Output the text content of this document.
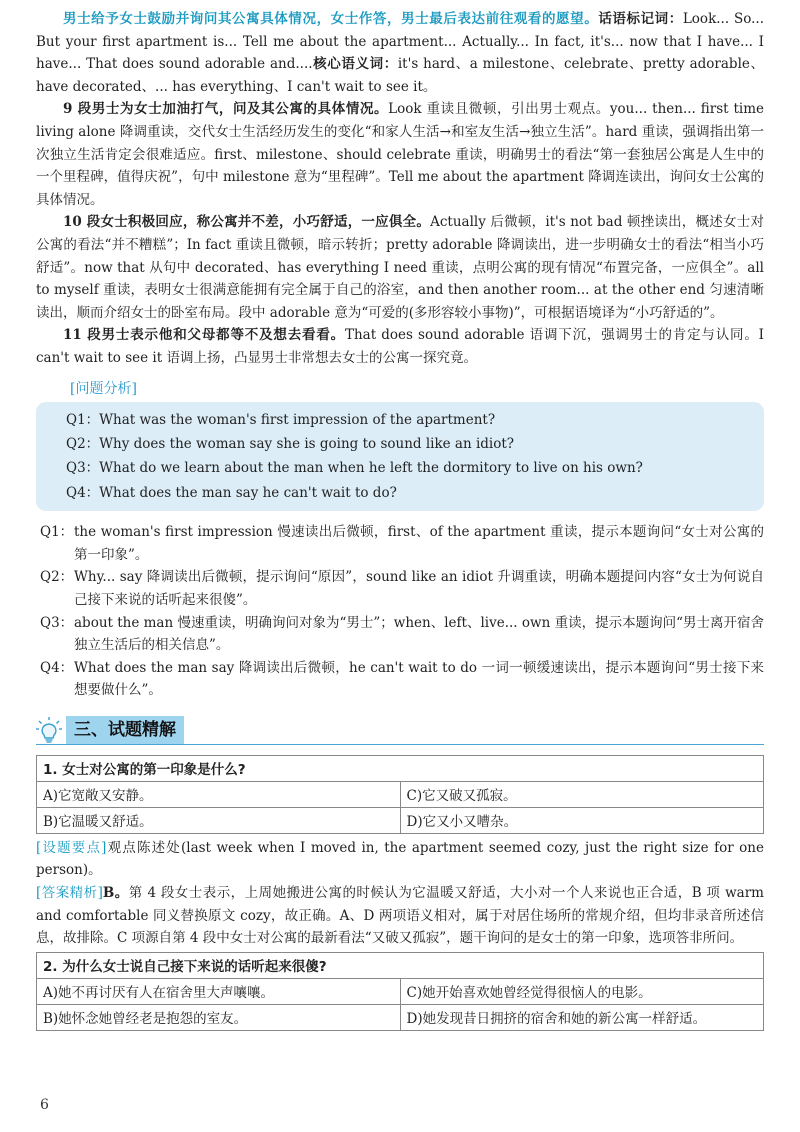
男士给予女士鼓励并询问其公寓具体情况，女士作答，男士最后表达前往观看的愿望。话语标记词：Look... So... But your first apartment is... Tell me about the apartment... Actually... In fact, it's... now that I have... I have... That does sound adorable and....核心语义词：it's hard、a milestone、celebrate、pretty adorable、have decorated、... has everything、I can't wait to see it。

9 段男士为女士加油打气，问及其公寓的具体情况。Look 重读且微顿，引出男士观点。you... then... first time living alone 降调重读，交代女士生活经历发生的变化“和家人生活→和室友生活→独立生活”。hard 重读，强调指出第一次独立生活肯定会很难适应。first、milestone、should celebrate 重读，明确男士的看法“第一套独居公寓是人生中的一个里程碑，值得庆祝”，句中 milestone 意为“里程碑”。Tell me about the apartment 降调连读出，询问女士公寓的具体情况。

10 段女士积极回应，称公寓并不差，小巧舒适，一应俱全。Actually 后微顿，it's not bad 顿挫读出，概述女士对公寓的看法“并不糟糕”；In fact 重读且微顿，暗示转折；pretty adorable 降调读出，进一步明确女士的看法“相当小巧舒适”。now that 从句中 decorated、has everything I need 重读，点明公寓的现有情况“布置完备，一应俱全”。all to myself 重读，表明女士很满意能拥有完全属于自己的浴室，and then another room... at the other end 匀速清晰读出，顺而介绍女士的卧室布局。段中 adorable 意为“可爱的(多形容较小事物)”，可根据语境译为“小巧舒适的”。

11 段男士表示他和父母都等不及想去看看。That does sound adorable 语调下沉，强调男士的肯定与认同。I can't wait to see it 语调上扬，凸显男士非常想去女士的公寓一探究竟。

[问题分析]

Q1：What was the woman's first impression of the apartment?

Q2：Why does the woman say she is going to sound like an idiot?

Q3：What do we learn about the man when he left the dormitory to live on his own?

Q4：What does the man say he can't wait to do?

Q1： the woman's first impression 慢速读出后微顿，first、of the apartment 重读，提示本题询问“女士对公寓的第一印象”。

Q2： Why... say 降调读出后微顿，提示询问“原因”，sound like an idiot 升调重读，明确本题提问内容“女士为何说自己接下来说的话听起来很傻”。

Q3： about the man 慢速重读，明确询问对象为“男士”；when、left、live... own 重读，提示本题询问“男士离开宿舍独立生活后的相关信息”。

Q4： What does the man say 降调读出后微顿，he can't wait to do 一词一顿缓速读出，提示本题询问“男士接下来想要做什么”。

三、试题精解
1. 女士对公寓的第一印象是什么?	
A)它宽敞又安静。	C)它又破又孤寂。
B)它温暖又舒适。	D)它又小又嘈杂。

[设题要点]观点陈述处(last week when I moved in, the apartment seemed cozy, just the right size for one person)。

[答案精析]B。第 4 段女士表示，上周她搬进公寓的时候认为它温暖又舒适，大小对一个人来说也正合适，B 项 warm and comfortable 同义替换原文 cozy，故正确。A、D 两项语义相对，属于对居住场所的常规介绍，但均非录音所述信息，故排除。C 项源自第 4 段中女士对公寓的最新看法“又破又孤寂”，题干询问的是女士的第一印象，选项答非所问。

2. 为什么女士说自己接下来说的话听起来很傻?	
A)她不再讨厌有人在宿舍里大声嚷嚷。	C)她开始喜欢她曾经觉得很恼人的电影。
B)她怀念她曾经老是抱怨的室友。	D)她发现昔日拥挤的宿舍和她的新公寓一样舒适。
6
